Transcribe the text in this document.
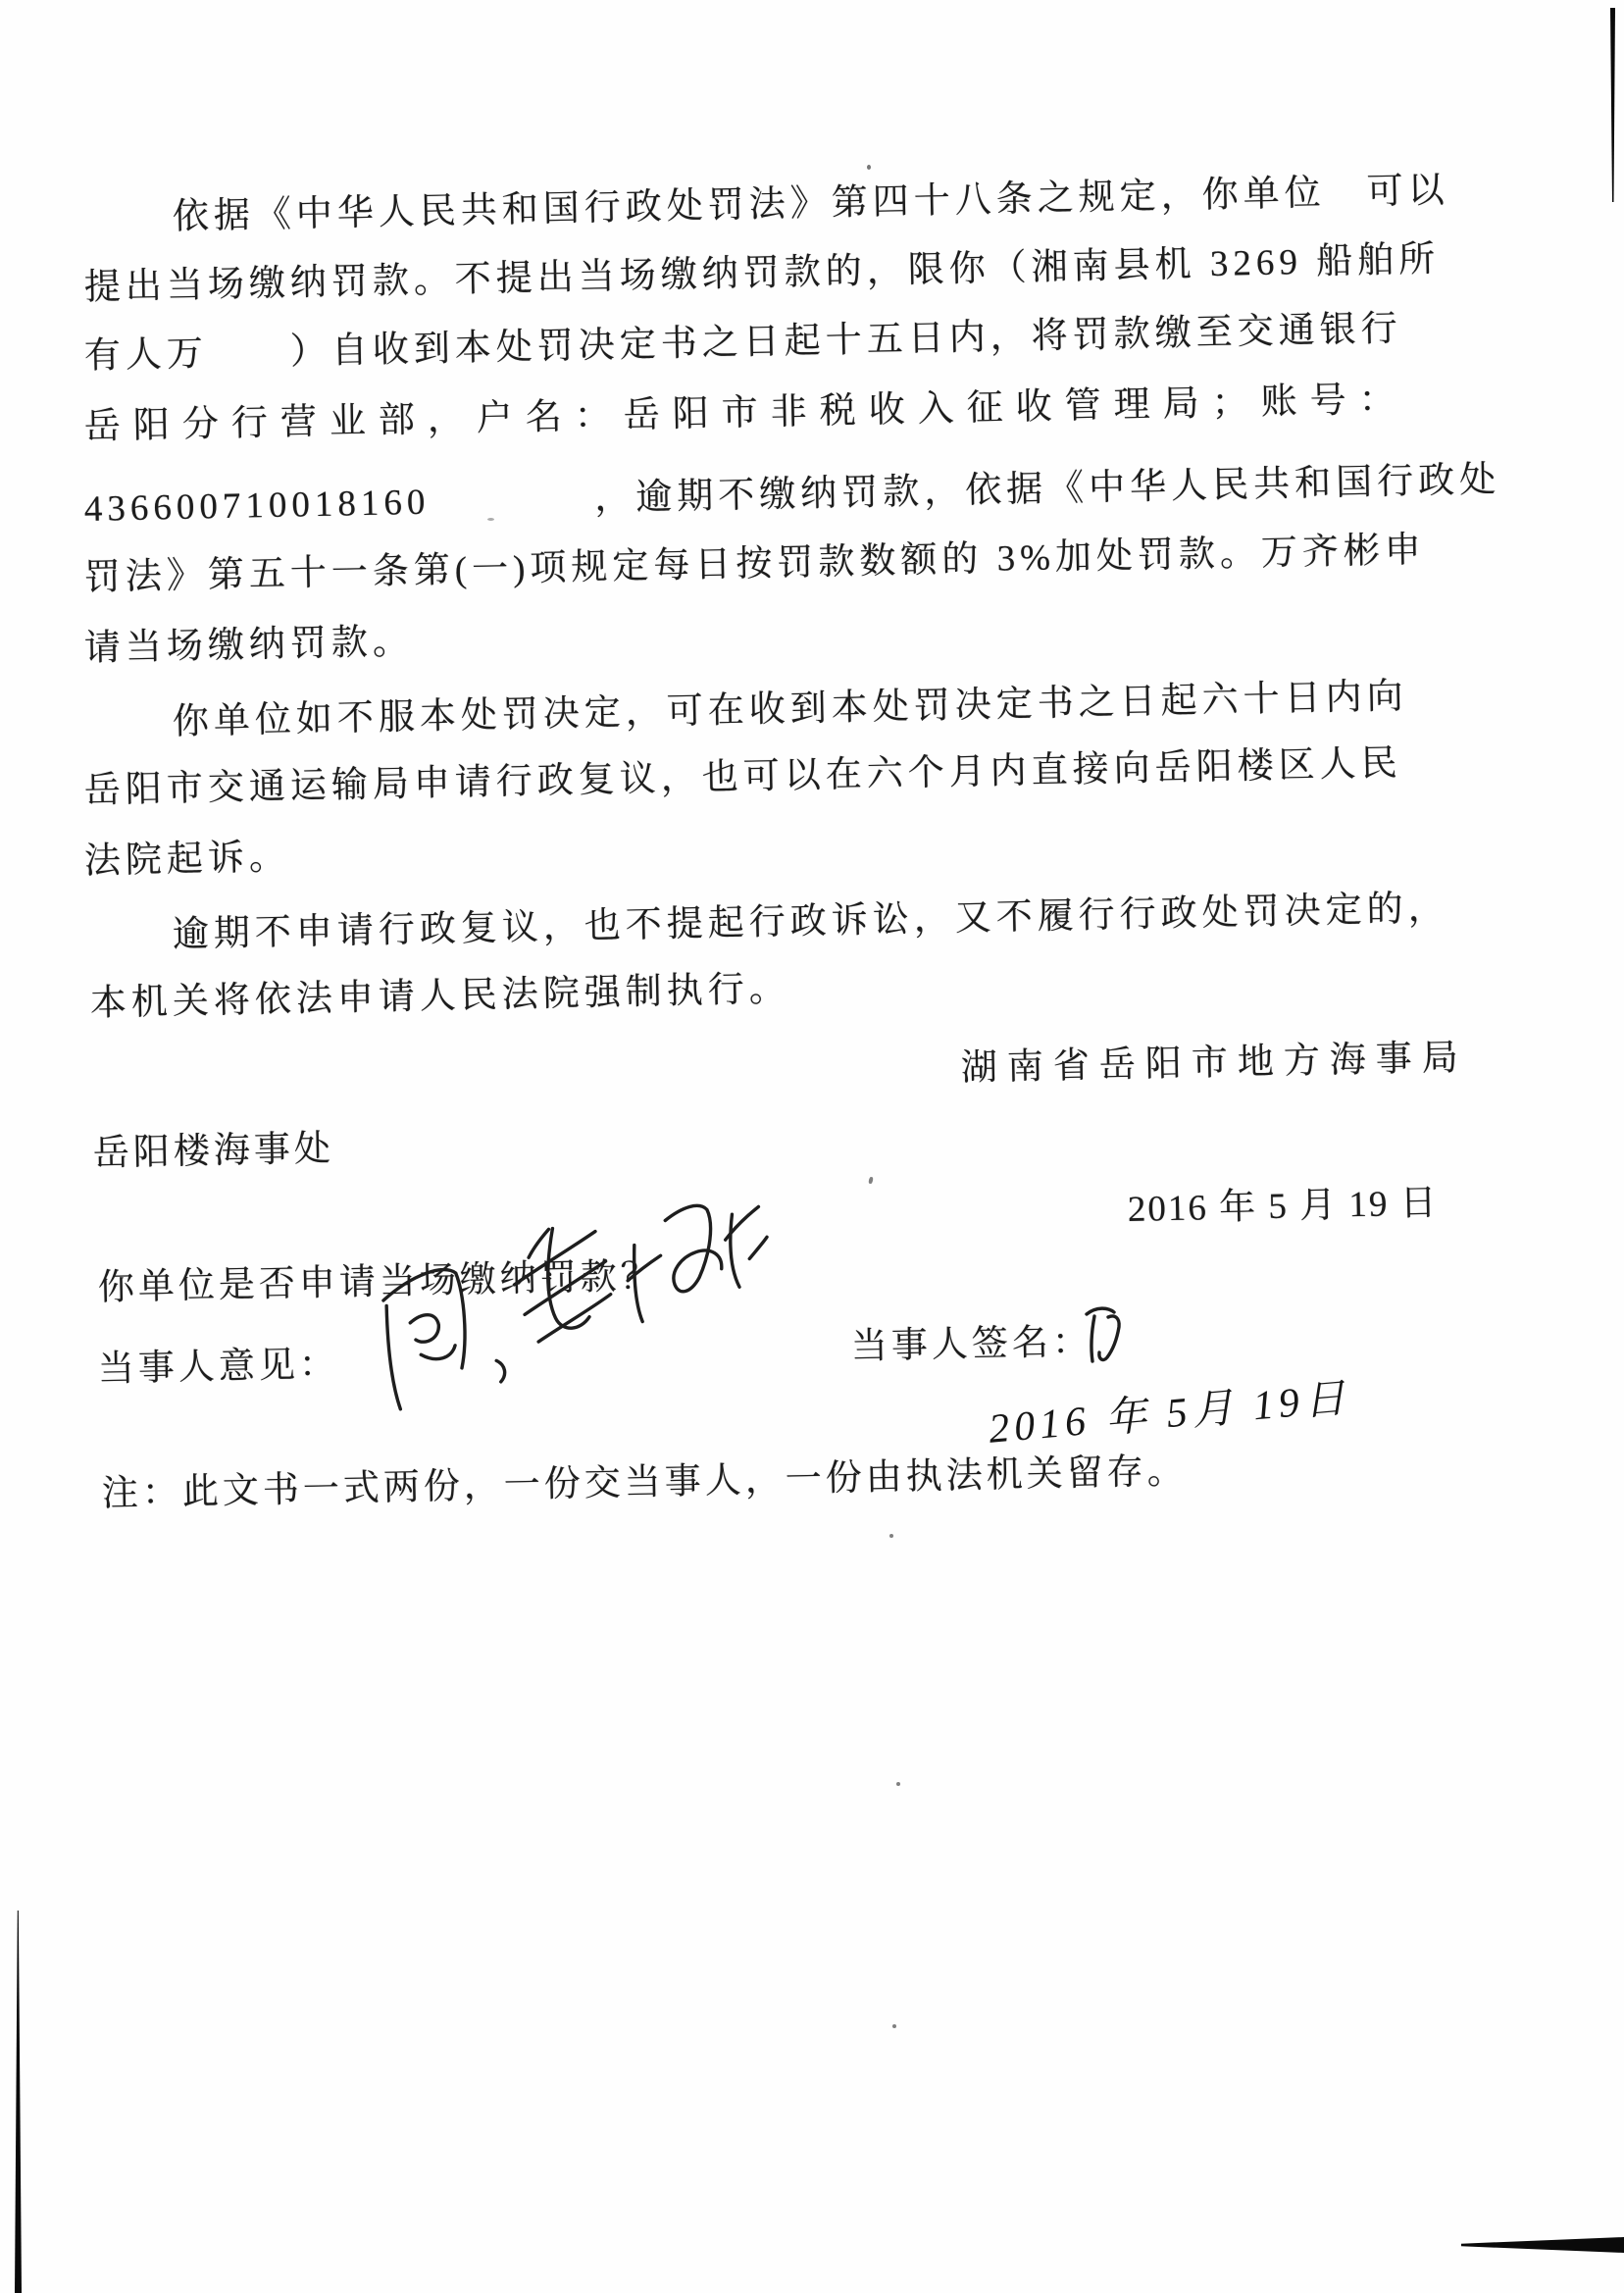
依据《中华人民共和国行政处罚法》第四十八条之规定，你单位　可以
提出当场缴纳罚款。不提出当场缴纳罚款的，限你（湘南县机 3269 船舶所
有人万　　）自收到本处罚决定书之日起十五日内，将罚款缴至交通银行
岳阳分行营业部，户名：岳阳市非税收入征收管理局；账号：
436600710018160　　　　，逾期不缴纳罚款，依据《中华人民共和国行政处
罚法》第五十一条第(一)项规定每日按罚款数额的 3%加处罚款。万齐彬申
请当场缴纳罚款。
你单位如不服本处罚决定，可在收到本处罚决定书之日起六十日内向
岳阳市交通运输局申请行政复议，也可以在六个月内直接向岳阳楼区人民
法院起诉。
逾期不申请行政复议，也不提起行政诉讼，又不履行行政处罚决定的，
本机关将依法申请人民法院强制执行。
湖南省岳阳市地方海事局
岳阳楼海事处
2016 年 5 月 19 日
你单位是否申请当场缴纳罚款？
当事人意见：	当事人签名：
2016 年 5月 19日
注：此文书一式两份，一份交当事人，一份由执法机关留存。
